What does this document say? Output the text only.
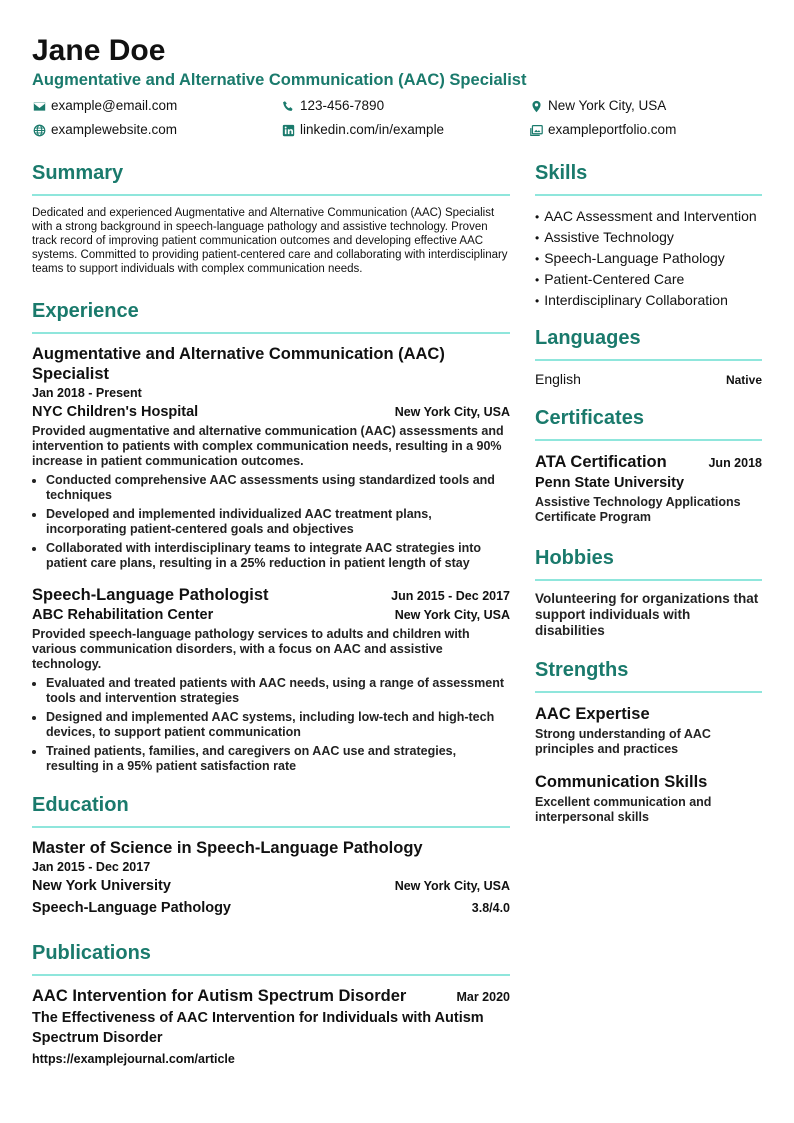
Jane Doe
Augmentative and Alternative Communication (AAC) Specialist
example@email.com	123-456-7890	New York City, USA
examplewebsite.com	linkedin.com/in/example	exampleportfolio.com
Summary

Dedicated and experienced Augmentative and Alternative Communication (AAC) Specialist with a strong background in speech-language pathology and assistive technology. Proven track record of improving patient communication outcomes and developing effective AAC systems. Committed to providing patient-centered care and collaborating with interdisciplinary teams to support individuals with complex communication needs.

Experience
Augmentative and Alternative Communication (AAC) Specialist
Jan 2018 - Present
NYC Children's Hospital	New York City, USA

Provided augmentative and alternative communication (AAC) assessments and intervention to patients with complex communication needs, resulting in a 90% increase in patient communication outcomes.

• Conducted comprehensive AAC assessments using standardized tools and techniques
• Developed and implemented individualized AAC treatment plans, incorporating patient-centered goals and objectives
• Collaborated with interdisciplinary teams to integrate AAC strategies into patient care plans, resulting in a 25% reduction in patient length of stay
Speech-Language Pathologist	Jun 2015 - Dec 2017
ABC Rehabilitation Center	New York City, USA

Provided speech-language pathology services to adults and children with various communication disorders, with a focus on AAC and assistive technology.

• Evaluated and treated patients with AAC needs, using a range of assessment tools and intervention strategies
• Designed and implemented AAC systems, including low-tech and high-tech devices, to support patient communication
• Trained patients, families, and caregivers on AAC use and strategies, resulting in a 95% patient satisfaction rate
Education
Master of Science in Speech-Language Pathology
Jan 2015 - Dec 2017
New York University	New York City, USA
Speech-Language Pathology	3.8/4.0
Publications
AAC Intervention for Autism Spectrum Disorder	Mar 2020
The Effectiveness of AAC Intervention for Individuals with Autism Spectrum Disorder
https://examplejournal.com/article
Skills
• AAC Assessment and Intervention
• Assistive Technology
• Speech-Language Pathology
• Patient-Centered Care
• Interdisciplinary Collaboration
Languages
English	Native
Certificates
ATA Certification	Jun 2018
Penn State University
Assistive Technology Applications Certificate Program
Hobbies

Volunteering for organizations that support individuals with disabilities

Strengths
AAC Expertise
Strong understanding of AAC principles and practices
Communication Skills
Excellent communication and interpersonal skills
